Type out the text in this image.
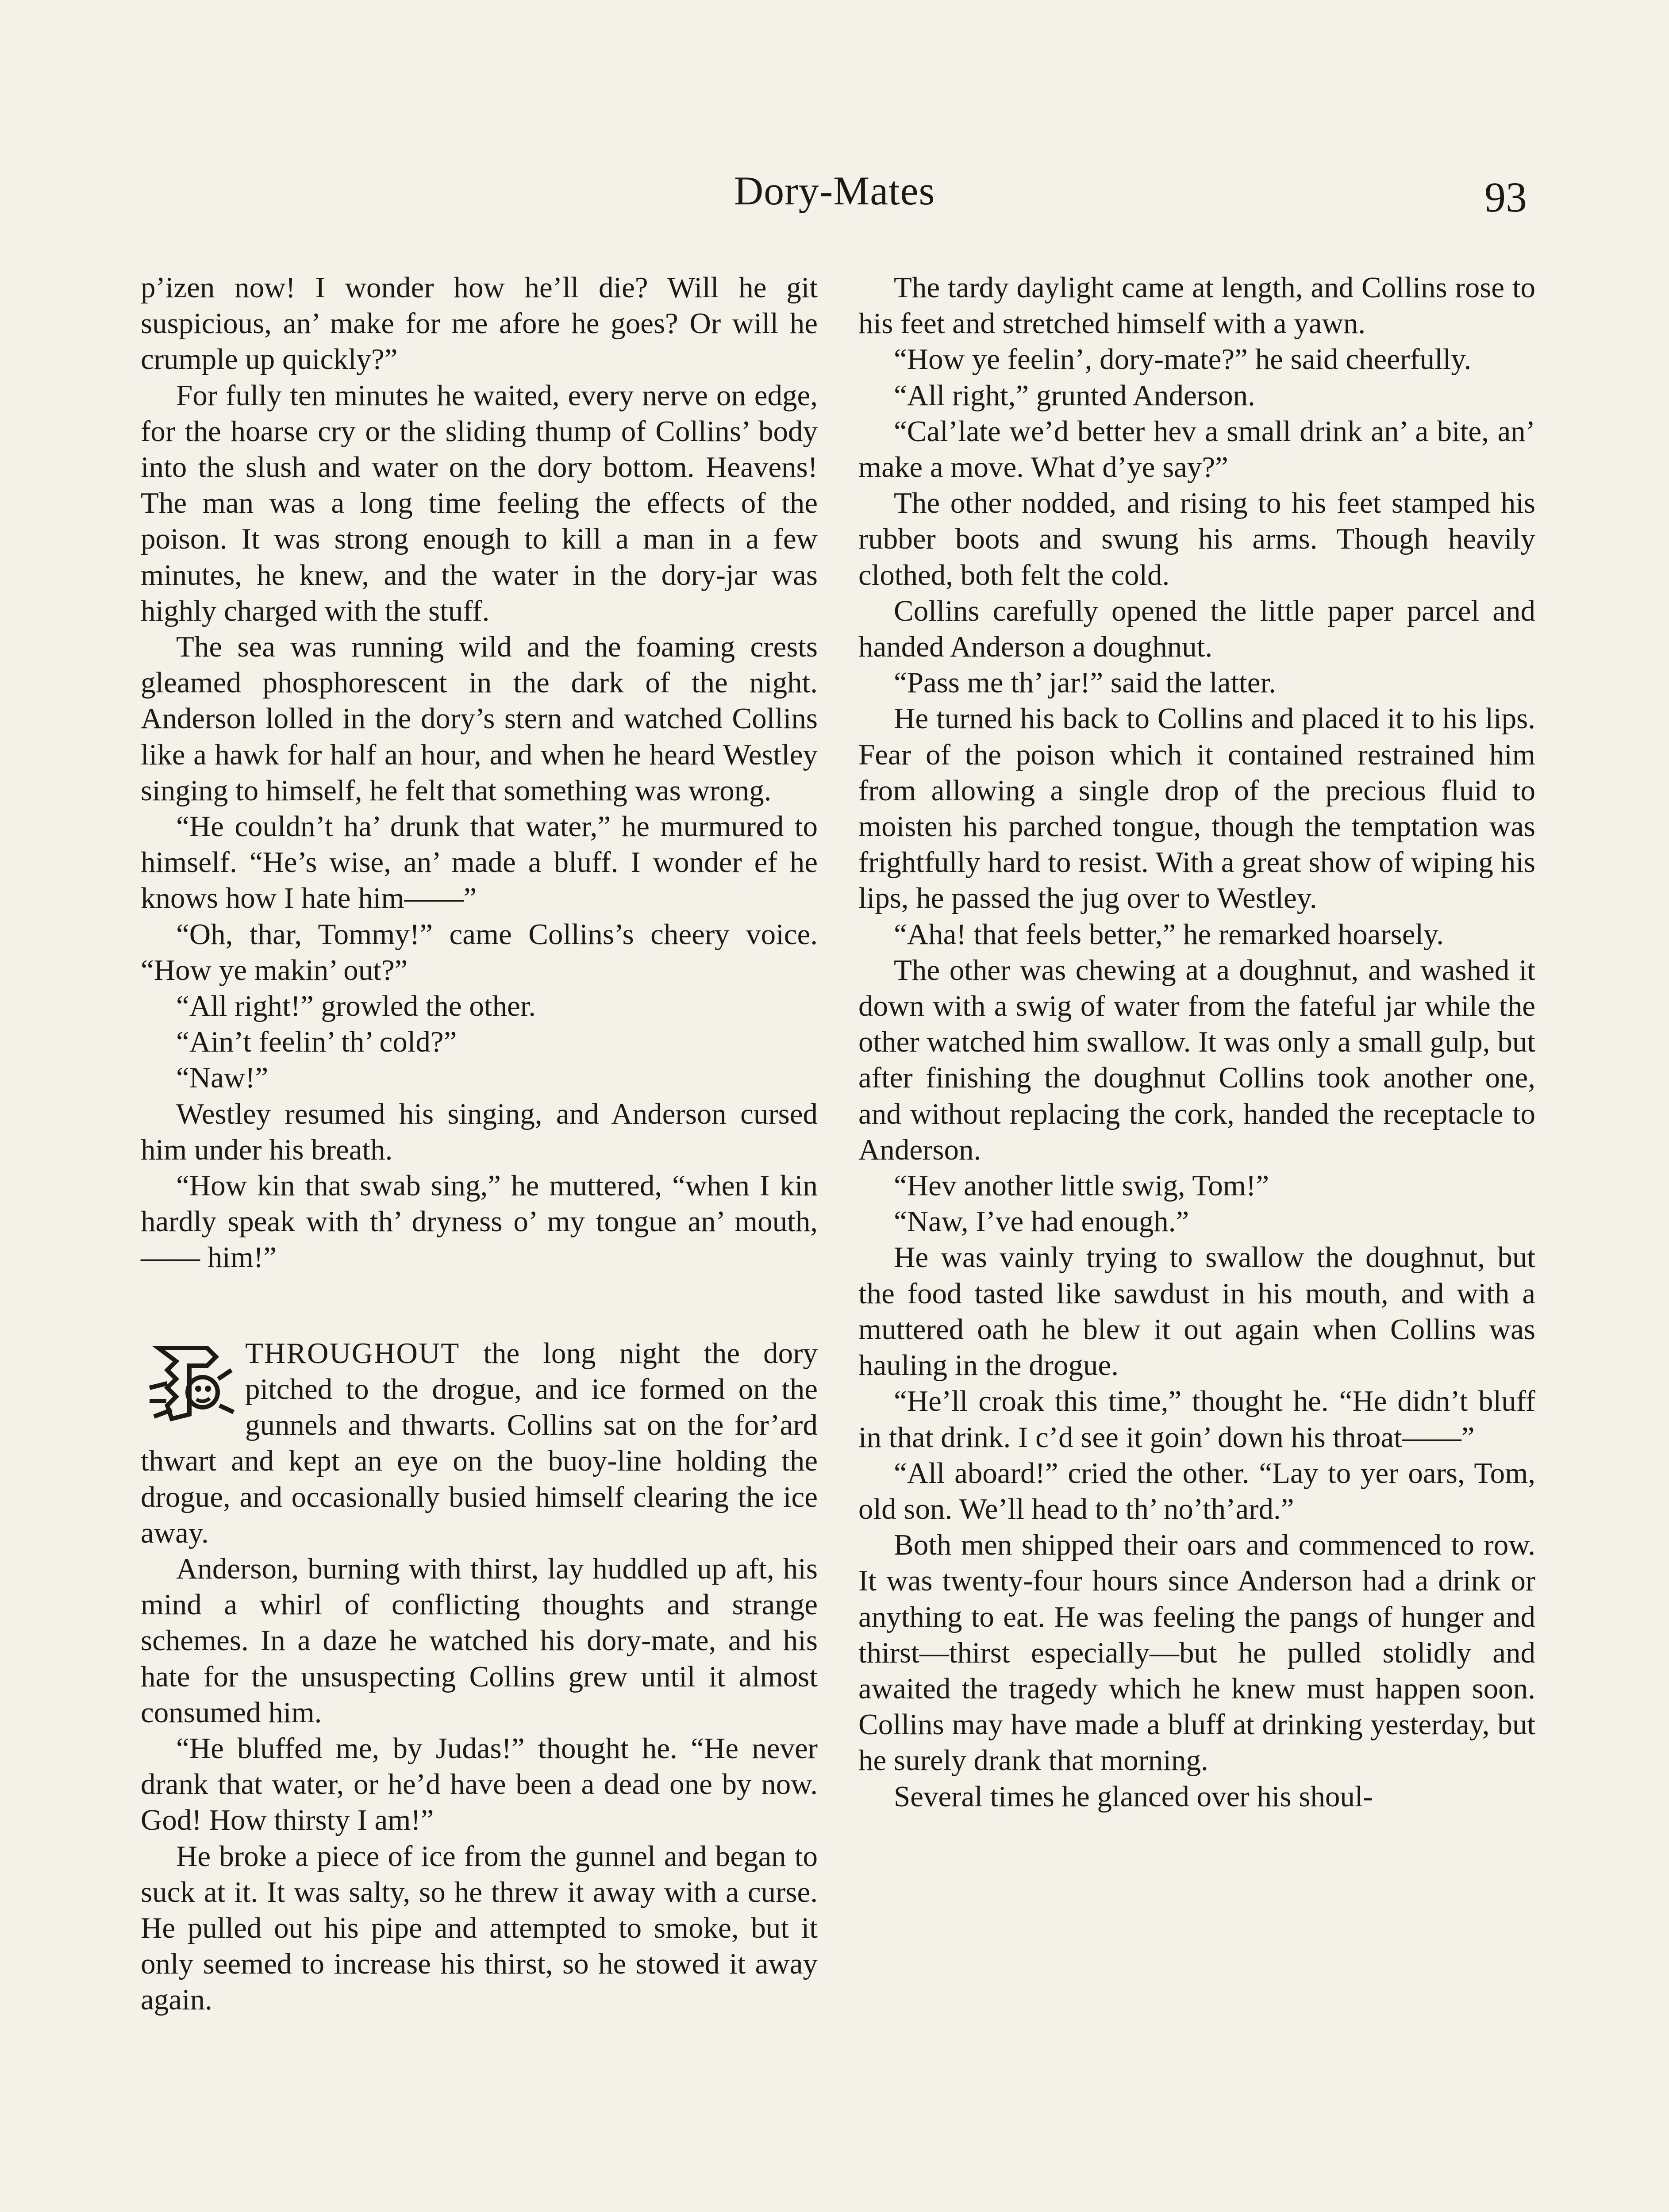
Dory-Mates	93

p’izen now! I wonder how he’ll die? Will he git suspicious, an’ make for me afore he goes? Or will he crumple up quickly?”

For fully ten minutes he waited, every nerve on edge, for the hoarse cry or the sliding thump of Collins’ body into the slush and water on the dory bottom. Heavens! The man was a long time feeling the effects of the poison. It was strong enough to kill a man in a few minutes, he knew, and the water in the dory-jar was highly charged with the stuff.

The sea was running wild and the foaming crests gleamed phosphorescent in the dark of the night. Anderson lolled in the dory’s stern and watched Collins like a hawk for half an hour, and when he heard Westley singing to himself, he felt that something was wrong.

“He couldn’t ha’ drunk that water,” he murmured to himself. “He’s wise, an’ made a bluff. I wonder ef he knows how I hate him——”

“Oh, thar, Tommy!” came Collins’s cheery voice. “How ye makin’ out?”

“All right!” growled the other.

“Ain’t feelin’ th’ cold?”

“Naw!”

Westley resumed his singing, and Anderson cursed him under his breath.

“How kin that swab sing,” he muttered, “when I kin hardly speak with th’ dryness o’ my tongue an’ mouth, —— him!”

THROUGHOUT the long night the dory pitched to the drogue, and ice formed on the gunnels and thwarts. Collins sat on the for’ard thwart and kept an eye on the buoy-line holding the drogue, and occasionally busied himself clearing the ice away.

Anderson, burning with thirst, lay huddled up aft, his mind a whirl of conflicting thoughts and strange schemes. In a daze he watched his dory-mate, and his hate for the unsuspecting Collins grew until it almost consumed him.

“He bluffed me, by Judas!” thought he. “He never drank that water, or he’d have been a dead one by now. God! How thirsty I am!”

He broke a piece of ice from the gunnel and began to suck at it. It was salty, so he threw it away with a curse. He pulled out his pipe and attempted to smoke, but it only seemed to increase his thirst, so he stowed it away again.

The tardy daylight came at length, and Collins rose to his feet and stretched himself with a yawn.

“How ye feelin’, dory-mate?” he said cheerfully.

“All right,” grunted Anderson.

“Cal’late we’d better hev a small drink an’ a bite, an’ make a move. What d’ye say?”

The other nodded, and rising to his feet stamped his rubber boots and swung his arms. Though heavily clothed, both felt the cold.

Collins carefully opened the little paper parcel and handed Anderson a doughnut.

“Pass me th’ jar!” said the latter.

He turned his back to Collins and placed it to his lips. Fear of the poison which it contained restrained him from allowing a single drop of the precious fluid to moisten his parched tongue, though the temptation was frightfully hard to resist. With a great show of wiping his lips, he passed the jug over to Westley.

“Aha! that feels better,” he remarked hoarsely.

The other was chewing at a doughnut, and washed it down with a swig of water from the fateful jar while the other watched him swallow. It was only a small gulp, but after finishing the doughnut Collins took another one, and without replacing the cork, handed the receptacle to Anderson.

“Hev another little swig, Tom!”

“Naw, I’ve had enough.”

He was vainly trying to swallow the doughnut, but the food tasted like sawdust in his mouth, and with a muttered oath he blew it out again when Collins was hauling in the drogue.

“He’ll croak this time,” thought he. “He didn’t bluff in that drink. I c’d see it goin’ down his throat——”

“All aboard!” cried the other. “Lay to yer oars, Tom, old son. We’ll head to th’ no’th’ard.”

Both men shipped their oars and commenced to row. It was twenty-four hours since Anderson had a drink or anything to eat. He was feeling the pangs of hunger and thirst—thirst especially—but he pulled stolidly and awaited the tragedy which he knew must happen soon. Collins may have made a bluff at drinking yesterday, but he surely drank that morning.

Several times he glanced over his shoul-
